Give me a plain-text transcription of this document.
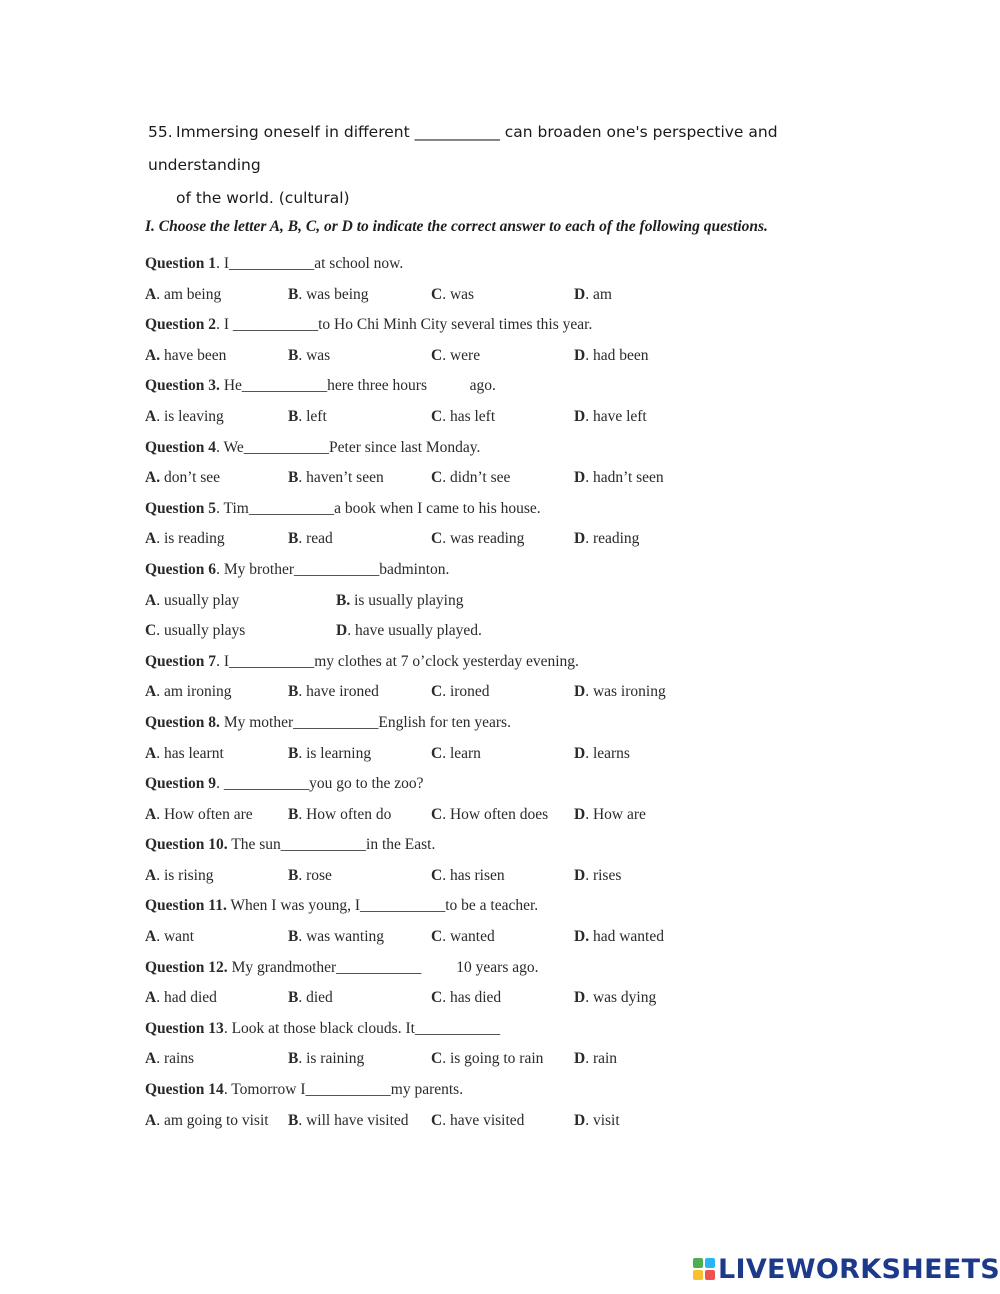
55. Immersing oneself in different ___________ can broaden one's perspective and understanding
of the world. (cultural)
I. Choose the letter A, B, C, or D to indicate the correct answer to each of the following questions.
Question 1. I___________at school now.
A. am being	B. was being	C. was	D. am
Question 2. I ___________to Ho Chi Minh City several times this year.
A. have been	B. was	C. were	D. had been
Question 3. He___________here three hours           ago.
A. is leaving	B. left	C. has left	D. have left
Question 4. We___________Peter since last Monday.
A. don’t see	B. haven’t seen	C. didn’t see	D. hadn’t seen
Question 5. Tim___________a book when I came to his house.
A. is reading	B. read	C. was reading	D. reading
Question 6. My brother___________badminton.
A. usually play	B. is usually playing
C. usually plays	D. have usually played.
Question 7. I___________my clothes at 7 o’clock yesterday evening.
A. am ironing	B. have ironed	C. ironed	D. was ironing
Question 8. My mother___________English for ten years.
A. has learnt	B. is learning	C. learn	D. learns
Question 9. ___________you go to the zoo?
A. How often are B. How often do	C. How often does D. How are
Question 10. The sun___________in the East.
A. is rising	B. rose	C. has risen	D. rises
Question 11. When I was young, I___________to be a teacher.
A. want	B. was wanting	C. wanted	D. had wanted
Question 12. My grandmother___________         10 years ago.
A. had died	B. died	C. has died	D. was dying
Question 13. Look at those black clouds. It___________
A. rains	B. is raining	C. is going to rain D. rain
Question 14. Tomorrow I___________my parents.
A. am going to visit B. will have visited C. have visited	D. visit
LIVEWORKSHEETS
